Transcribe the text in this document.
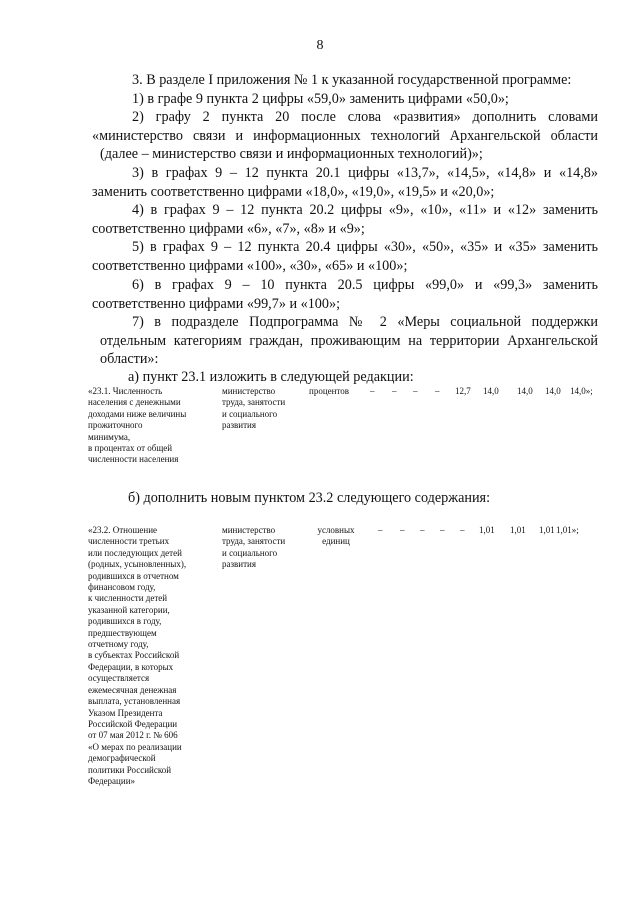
8
3. В разделе I приложения № 1 к указанной государственной программе:
1) в графе 9 пункта 2 цифры «59,0» заменить цифрами «50,0»;
2) графу 2 пункта 20 после слова «развития» дополнить словами
«министерство связи и информационных технологий Архангельской области
(далее – министерство связи и информационных технологий)»;
3) в графах 9 – 12 пункта 20.1 цифры «13,7», «14,5», «14,8» и «14,8»
заменить соответственно цифрами «18,0», «19,0», «19,5» и «20,0»;
4) в графах 9 – 12 пункта 20.2 цифры «9», «10», «11» и «12» заменить
соответственно цифрами «6», «7», «8» и «9»;
5) в графах 9 – 12 пункта 20.4 цифры «30», «50», «35» и «35» заменить
соответственно цифрами «100», «30», «65» и «100»;
6) в графах 9 – 10 пункта 20.5 цифры «99,0» и «99,3» заменить
соответственно цифрами «99,7» и «100»;
7) в подразделе Подпрограмма № 2 «Меры социальной поддержки
отдельным категориям граждан, проживающим на территории Архангельской
области»:
а) пункт 23.1 изложить в следующей редакции:
«23.1. Численность
населения с денежными
доходами ниже величины
прожиточного
минимума,
в процентах от общей
численности населения
министерство
труда, занятости
и социального
развития
процентов	– – – – 12,7 14,0 14,0 14,0 14,0»;
б) дополнить новым пунктом 23.2 следующего содержания:
«23.2. Отношение
численности третьих
или последующих детей
(родных, усыновленных),
родившихся в отчетном
финансовом году,
к численности детей
указанной категории,
родившихся в году,
предшествующем
отчетному году,
в субъектах Российской
Федерации, в которых
осуществляется
ежемесячная денежная
выплата, установленная
Указом Президента
Российской Федерации
от 07 мая 2012 г. № 606
«О мерах по реализации
демографической
политики Российской
Федерации»
министерство
труда, занятости
и социального
развития
условных
единиц
– – – – – 1,01 1,01 1,01 1,01»;
